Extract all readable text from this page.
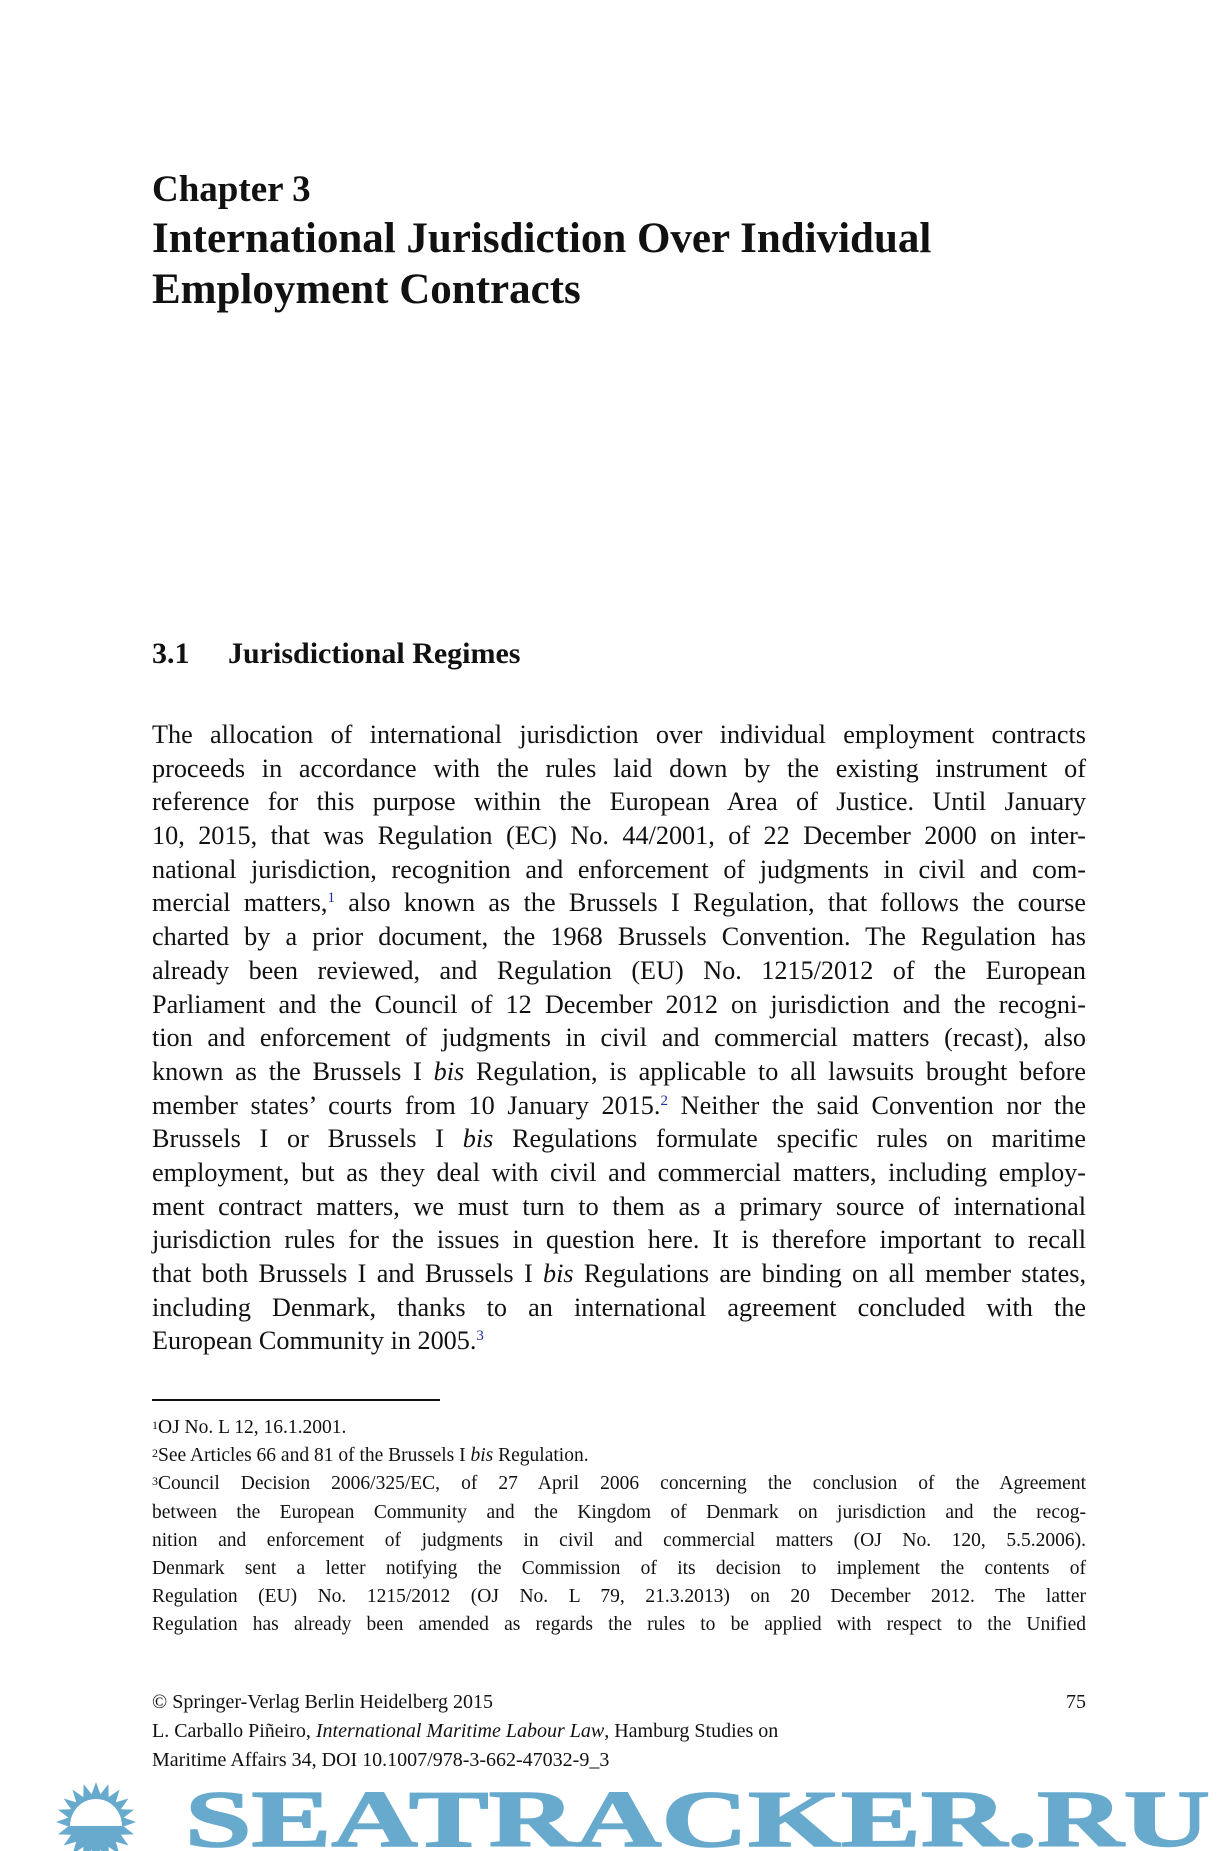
Chapter 3
International Jurisdiction Over Individual
Employment Contracts
3.1 Jurisdictional Regimes
The allocation of international jurisdiction over individual employment contracts
proceeds in accordance with the rules laid down by the existing instrument of
reference for this purpose within the European Area of Justice. Until January
10, 2015, that was Regulation (EC) No. 44/2001, of 22 December 2000 on inter-
national jurisdiction, recognition and enforcement of judgments in civil and com-
mercial matters,$^1$ also known as the Brussels I Regulation, that follows the course
charted by a prior document, the 1968 Brussels Convention. The Regulation has
already been reviewed, and Regulation (EU) No. 1215/2012 of the European
Parliament and the Council of 12 December 2012 on jurisdiction and the recogni-
tion and enforcement of judgments in civil and commercial matters (recast), also
known as the Brussels I bis Regulation, is applicable to all lawsuits brought before
member states’ courts from 10 January 2015.$^2$ Neither the said Convention nor the
Brussels I or Brussels I bis Regulations formulate specific rules on maritime
employment, but as they deal with civil and commercial matters, including employ-
ment contract matters, we must turn to them as a primary source of international
jurisdiction rules for the issues in question here. It is therefore important to recall
that both Brussels I and Brussels I bis Regulations are binding on all member states,
including Denmark, thanks to an international agreement concluded with the
European Community in 2005.$^3$
$^1$OJ No. L 12, 16.1.2001.
$^2$See Articles 66 and 81 of the Brussels I bis Regulation.
$^3$Council Decision 2006/325/EC, of 27 April 2006 concerning the conclusion of the Agreement
between the European Community and the Kingdom of Denmark on jurisdiction and the recog-
nition and enforcement of judgments in civil and commercial matters (OJ No. 120, 5.5.2006).
Denmark sent a letter notifying the Commission of its decision to implement the contents of
Regulation (EU) No. 1215/2012 (OJ No. L 79, 21.3.2013) on 20 December 2012. The latter
Regulation has already been amended as regards the rules to be applied with respect to the Unified
© Springer-Verlag Berlin Heidelberg 2015	75
L. Carballo Piñeiro, International Maritime Labour Law, Hamburg Studies on
Maritime Affairs 34, DOI 10.1007/978-3-662-47032-9_3
SEATRACKER.RU
